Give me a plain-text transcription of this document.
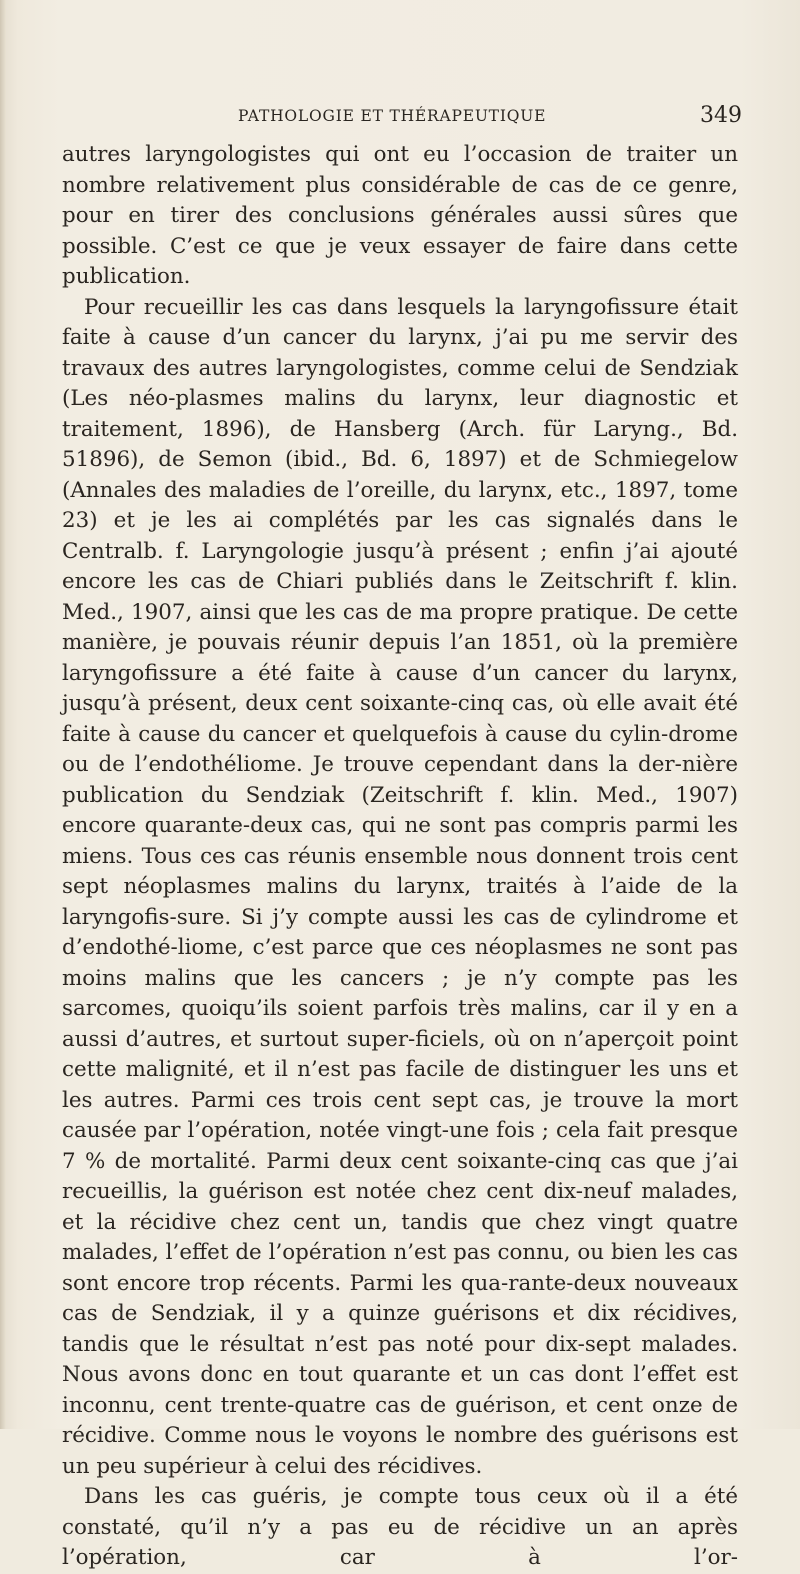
PATHOLOGIE ET THÉRAPEUTIQUE	349

autres laryngologistes qui ont eu l’occasion de traiter un nombre relativement plus considérable de cas de ce genre, pour en tirer des conclusions générales aussi sûres que possible. C’est ce que je veux essayer de faire dans cette publication.

Pour recueillir les cas dans lesquels la laryngofissure était faite à cause d’un cancer du larynx, j’ai pu me servir des travaux des autres laryngologistes, comme celui de Sendziak (Les néo-plasmes malins du larynx, leur diagnostic et traitement, 1896), de Hansberg (Arch. für Laryng., Bd. 51896), de Semon (ibid., Bd. 6, 1897) et de Schmiegelow (Annales des maladies de l’oreille, du larynx, etc., 1897, tome 23) et je les ai complétés par les cas signalés dans le Centralb. f. Laryngologie jusqu’à présent ; enfin j’ai ajouté encore les cas de Chiari publiés dans le Zeitschrift f. klin. Med., 1907, ainsi que les cas de ma propre pratique. De cette manière, je pouvais réunir depuis l’an 1851, où la première laryngofissure a été faite à cause d’un cancer du larynx, jusqu’à présent, deux cent soixante-cinq cas, où elle avait été faite à cause du cancer et quelquefois à cause du cylin-drome ou de l’endothéliome. Je trouve cependant dans la der-nière publication du Sendziak (Zeitschrift f. klin. Med., 1907) encore quarante-deux cas, qui ne sont pas compris parmi les miens. Tous ces cas réunis ensemble nous donnent trois cent sept néoplasmes malins du larynx, traités à l’aide de la laryngofis-sure. Si j’y compte aussi les cas de cylindrome et d’endothé-liome, c’est parce que ces néoplasmes ne sont pas moins malins que les cancers ; je n’y compte pas les sarcomes, quoiqu’ils soient parfois très malins, car il y en a aussi d’autres, et surtout super-ficiels, où on n’aperçoit point cette malignité, et il n’est pas facile de distinguer les uns et les autres. Parmi ces trois cent sept cas, je trouve la mort causée par l’opération, notée vingt-une fois ; cela fait presque 7 % de mortalité. Parmi deux cent soixante-cinq cas que j’ai recueillis, la guérison est notée chez cent dix-neuf malades, et la récidive chez cent un, tandis que chez vingt quatre malades, l’effet de l’opération n’est pas connu, ou bien les cas sont encore trop récents. Parmi les qua-rante-deux nouveaux cas de Sendziak, il y a quinze guérisons et dix récidives, tandis que le résultat n’est pas noté pour dix-sept malades. Nous avons donc en tout quarante et un cas dont l’effet est inconnu, cent trente-quatre cas de guérison, et cent onze de récidive. Comme nous le voyons le nombre des guérisons est un peu supérieur à celui des récidives.

Dans les cas guéris, je compte tous ceux où il a été constaté, qu’il n’y a pas eu de récidive un an après l’opération, car à l’or-
